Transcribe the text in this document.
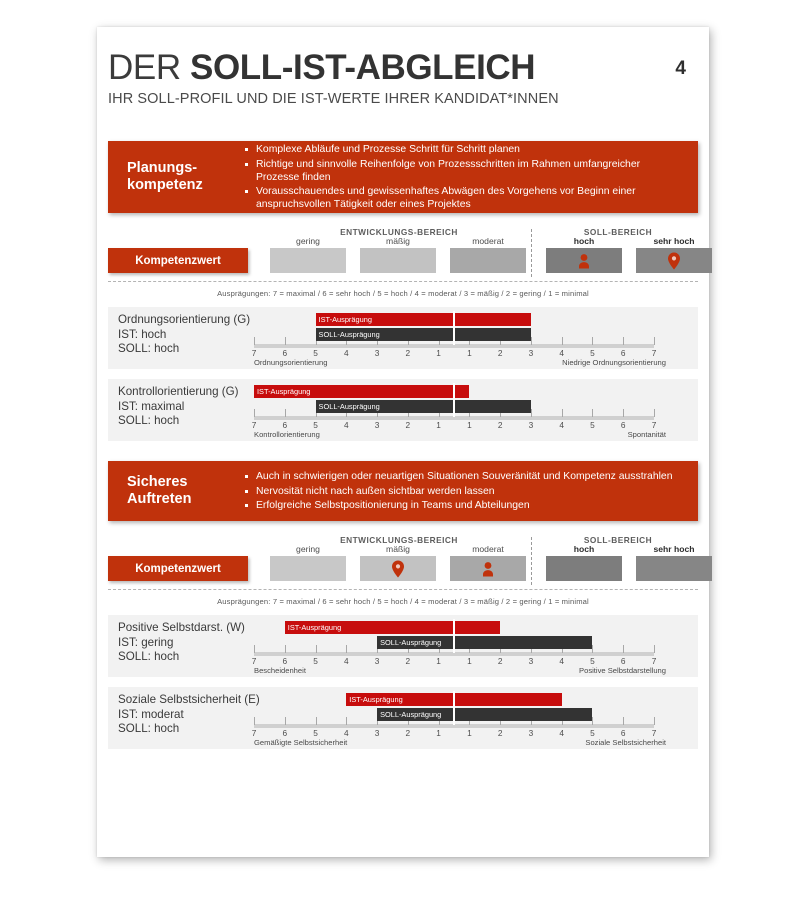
DER SOLL-IST-ABGLEICH
IHR SOLL-PROFIL UND DIE IST-WERTE IHRER KANDIDAT*INNEN
4
Planungs-
kompetenz
Komplexe Abläufe und Prozesse Schritt für Schritt planen
Richtige und sinnvolle Reihenfolge von Prozessschritten im Rahmen umfangreicher Prozesse finden
Vorausschauendes und gewissenhaftes Abwägen des Vorgehens vor Beginn einer anspruchsvollen Tätigkeit oder eines Projektes
ENTWICKLUNGS-BEREICH	SOLL-BEREICH
Kompetenzwert
gering	mäßig	moderat	hoch	sehr hoch
Ausprägungen: 7 = maximal / 6 = sehr hoch / 5 = hoch / 4 = moderat / 3 = mäßig / 2 = gering / 1 = minimal
Ordnungsorientierung (G)
IST: hoch
SOLL: hoch	7	6	5	4	3	2	1	1	2	3	4	5	6	7
IST-Ausprägung
SOLL-Ausprägung
Ordnungsorientierung	Niedrige Ordnungsorientierung
Kontrollorientierung (G)
IST: maximal
SOLL: hoch	7	6	5	4	3	2	1	1	2	3	4	5	6	7
IST-Ausprägung
SOLL-Ausprägung
Kontrollorientierung	Spontanität
Sicheres
Auftreten
Auch in schwierigen oder neuartigen Situationen Souveränität und Kompetenz ausstrahlen
Nervosität nicht nach außen sichtbar werden lassen
Erfolgreiche Selbstpositionierung in Teams und Abteilungen
ENTWICKLUNGS-BEREICH	SOLL-BEREICH
Kompetenzwert
gering	mäßig	moderat	hoch	sehr hoch
Ausprägungen: 7 = maximal / 6 = sehr hoch / 5 = hoch / 4 = moderat / 3 = mäßig / 2 = gering / 1 = minimal
Positive Selbstdarst. (W)
IST: gering
SOLL: hoch	7	6	5	4	3	2	1	1	2	3	4	5	6	7
IST-Ausprägung
SOLL-Ausprägung
Bescheidenheit	Positive Selbstdarstellung
Soziale Selbstsicherheit (E)
IST: moderat
SOLL: hoch	7	6	5	4	3	2	1	1	2	3	4	5	6	7
IST-Ausprägung
SOLL-Ausprägung
Gemäßigte Selbstsicherheit	Soziale Selbstsicherheit
